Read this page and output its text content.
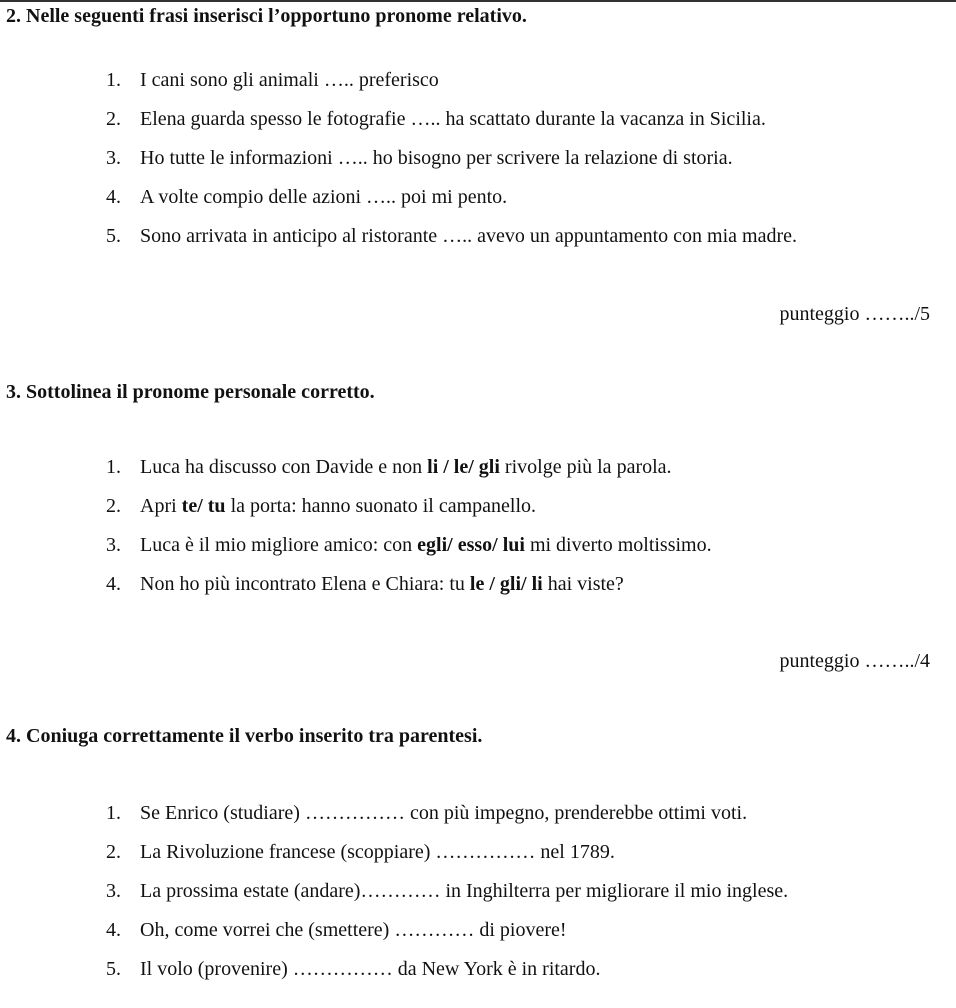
2. Nelle seguenti frasi inserisci l’opportuno pronome relativo.
1. I cani sono gli animali ….. preferisco
2. Elena guarda spesso le fotografie ….. ha scattato durante la vacanza in Sicilia.
3. Ho tutte le informazioni ….. ho bisogno per scrivere la relazione di storia.
4. A volte compio delle azioni ….. poi mi pento.
5. Sono arrivata in anticipo al ristorante ….. avevo un appuntamento con mia madre.
punteggio ……../5
3. Sottolinea il pronome personale corretto.
1. Luca ha discusso con Davide e non li / le/ gli rivolge più la parola.
2. Apri te/ tu la porta: hanno suonato il campanello.
3. Luca è il mio migliore amico: con egli/ esso/ lui mi diverto moltissimo.
4. Non ho più incontrato Elena e Chiara: tu le / gli/ li hai viste?
punteggio ……../4
4. Coniuga correttamente il verbo inserito tra parentesi.
1. Se Enrico (studiare) …………… con più impegno, prenderebbe ottimi voti.
2. La Rivoluzione francese (scoppiare) …………… nel 1789.
3. La prossima estate (andare)………… in Inghilterra per migliorare il mio inglese.
4. Oh, come vorrei che (smettere) ………… di piovere!
5. Il volo (provenire) …………… da New York è in ritardo.
